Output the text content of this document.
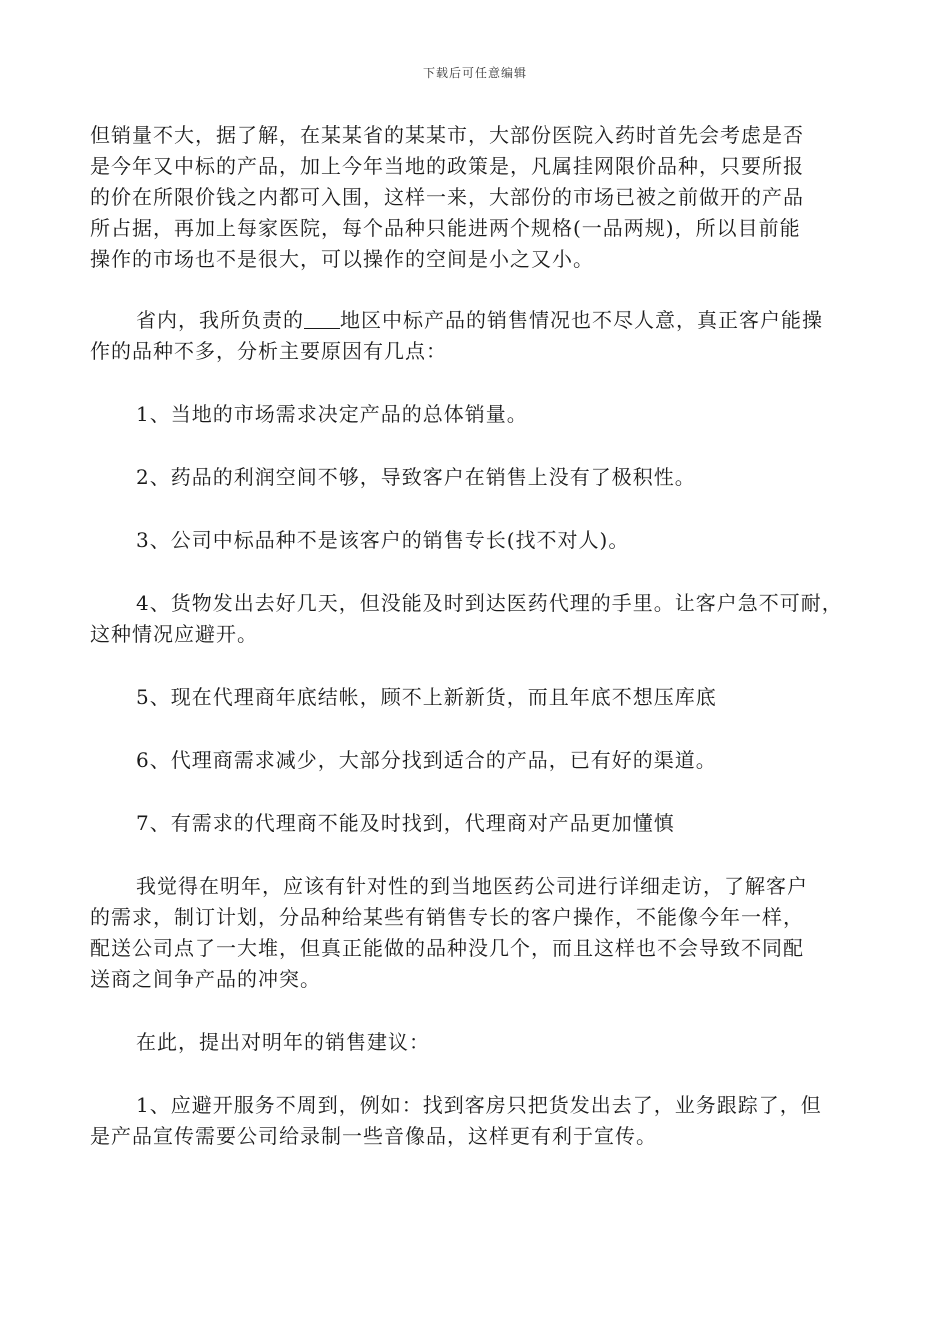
下载后可任意编辑

但销量不大，据了解，在某某省的某某市，大部份医院入药时首先会考虑是否
是今年又中标的产品，加上今年当地的政策是，凡属挂网限价品种，只要所报
的价在所限价钱之内都可入围，这样一来，大部份的市场已被之前做开的产品
所占据，再加上每家医院，每个品种只能进两个规格(一品两规)，所以目前能
操作的市场也不是很大，可以操作的空间是小之又小。

省内，我所负责的 地区中标产品的销售情况也不尽人意，真正客户能操
作的品种不多，分析主要原因有几点：

1、当地的市场需求决定产品的总体销量。

2、药品的利润空间不够，导致客户在销售上没有了极积性。

3、公司中标品种不是该客户的销售专长(找不对人)。

4、货物发出去好几天，但没能及时到达医药代理的手里。让客户急不可耐，
这种情况应避开。

5、现在代理商年底结帐，顾不上新新货，而且年底不想压库底

6、代理商需求减少，大部分找到适合的产品，已有好的渠道。

7、有需求的代理商不能及时找到，代理商对产品更加懂慎

我觉得在明年，应该有针对性的到当地医药公司进行详细走访，了解客户
的需求，制订计划，分品种给某些有销售专长的客户操作，不能像今年一样，
配送公司点了一大堆，但真正能做的品种没几个，而且这样也不会导致不同配
送商之间争产品的冲突。

在此，提出对明年的销售建议：

1、应避开服务不周到，例如：找到客房只把货发出去了，业务跟踪了，但
是产品宣传需要公司给录制一些音像品，这样更有利于宣传。
